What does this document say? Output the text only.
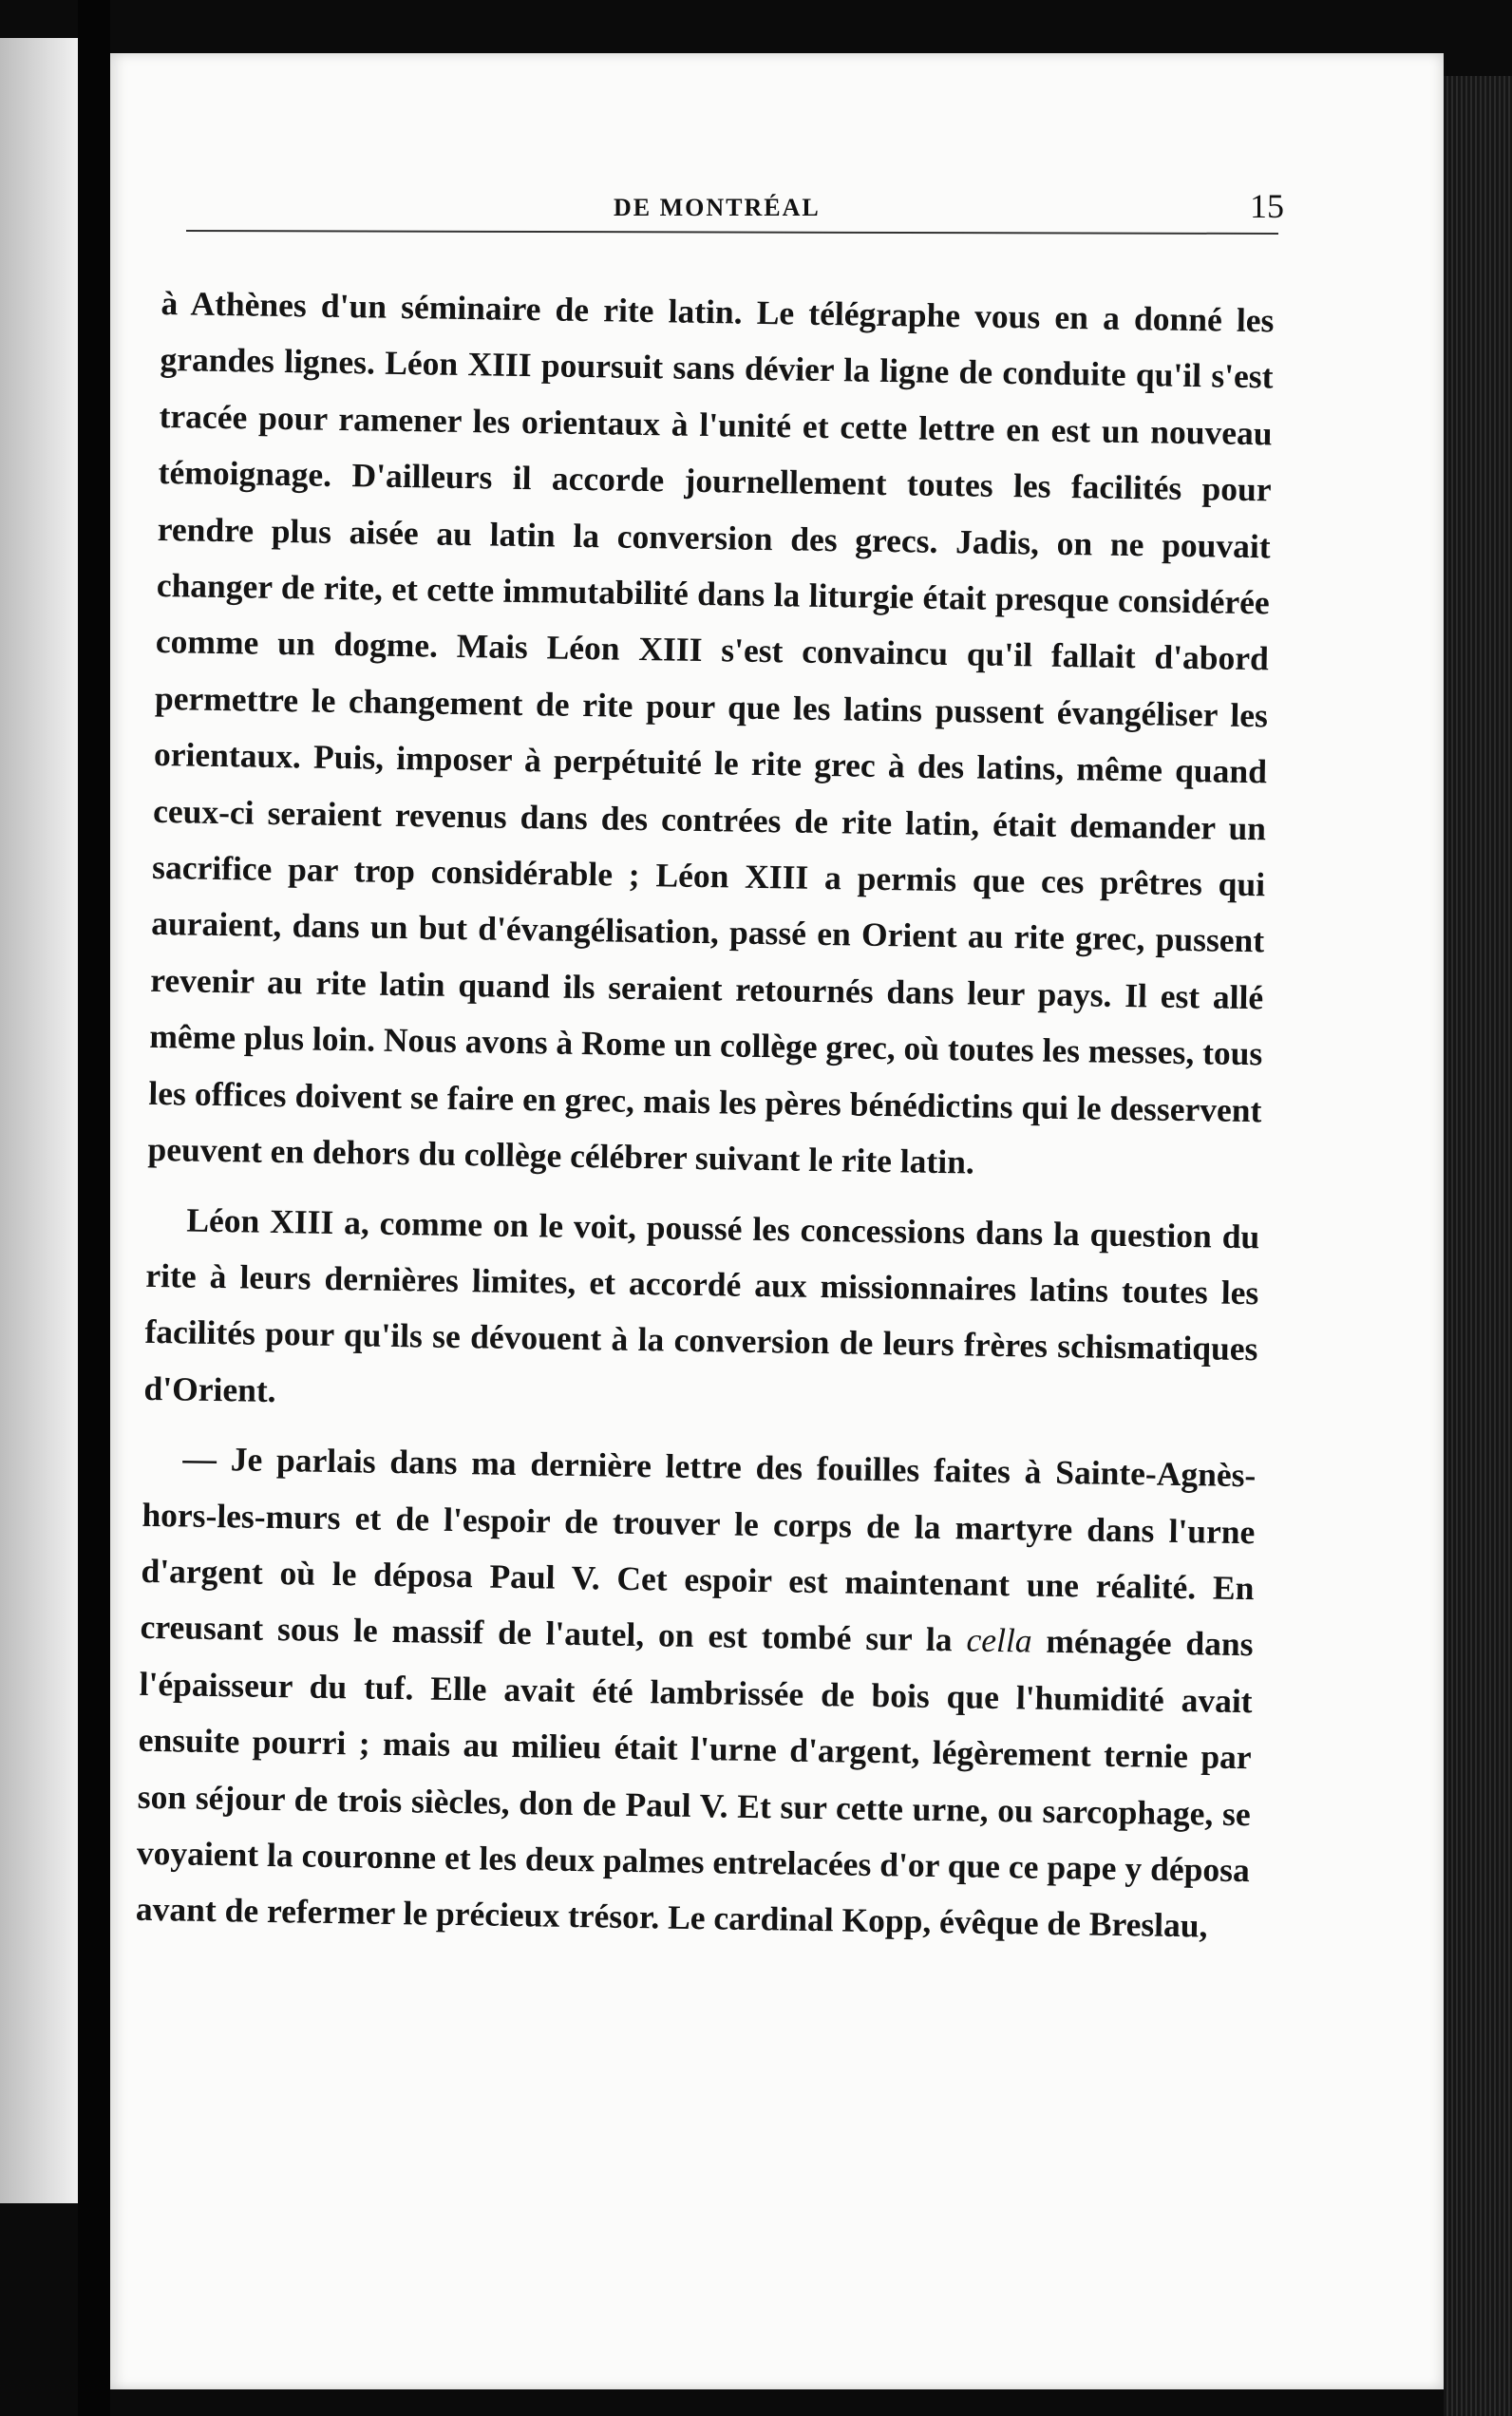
DE MONTRÉAL	15

à Athènes d'un séminaire de rite latin. Le télégraphe vous en a donné les grandes lignes. Léon XIII poursuit sans dévier la ligne de conduite qu'il s'est tracée pour ramener les orientaux à l'unité et cette lettre en est un nouveau témoignage. D'ailleurs il accorde journellement toutes les facilités pour rendre plus aisée au latin la conversion des grecs. Jadis, on ne pouvait changer de rite, et cette immutabilité dans la liturgie était presque considérée comme un dogme. Mais Léon XIII s'est convaincu qu'il fallait d'abord permettre le changement de rite pour que les latins pussent évangéliser les orientaux. Puis, imposer à perpétuité le rite grec à des latins, même quand ceux-ci seraient revenus dans des contrées de rite latin, était demander un sacrifice par trop considérable ; Léon XIII a permis que ces prêtres qui auraient, dans un but d'évangélisation, passé en Orient au rite grec, pussent revenir au rite latin quand ils seraient retournés dans leur pays. Il est allé même plus loin. Nous avons à Rome un collège grec, où toutes les messes, tous les offices doivent se faire en grec, mais les pères bénédictins qui le desservent peuvent en dehors du collège célébrer suivant le rite latin.

Léon XIII a, comme on le voit, poussé les concessions dans la question du rite à leurs dernières limites, et accordé aux missionnaires latins toutes les facilités pour qu'ils se dévouent à la conversion de leurs frères schismatiques d'Orient.

— Je parlais dans ma dernière lettre des fouilles faites à Sainte-Agnès-hors-les-murs et de l'espoir de trouver le corps de la martyre dans l'urne d'argent où le déposa Paul V. Cet espoir est maintenant une réalité. En creusant sous le massif de l'autel, on est tombé sur la cella ménagée dans l'épaisseur du tuf. Elle avait été lambrissée de bois que l'humidité avait ensuite pourri ; mais au milieu était l'urne d'argent, légèrement ternie par son séjour de trois siècles, don de Paul V. Et sur cette urne, ou sarcophage, se voyaient la couronne et les deux palmes entrelacées d'or que ce pape y déposa avant de refermer le précieux trésor. Le cardinal Kopp, évêque de Breslau,
